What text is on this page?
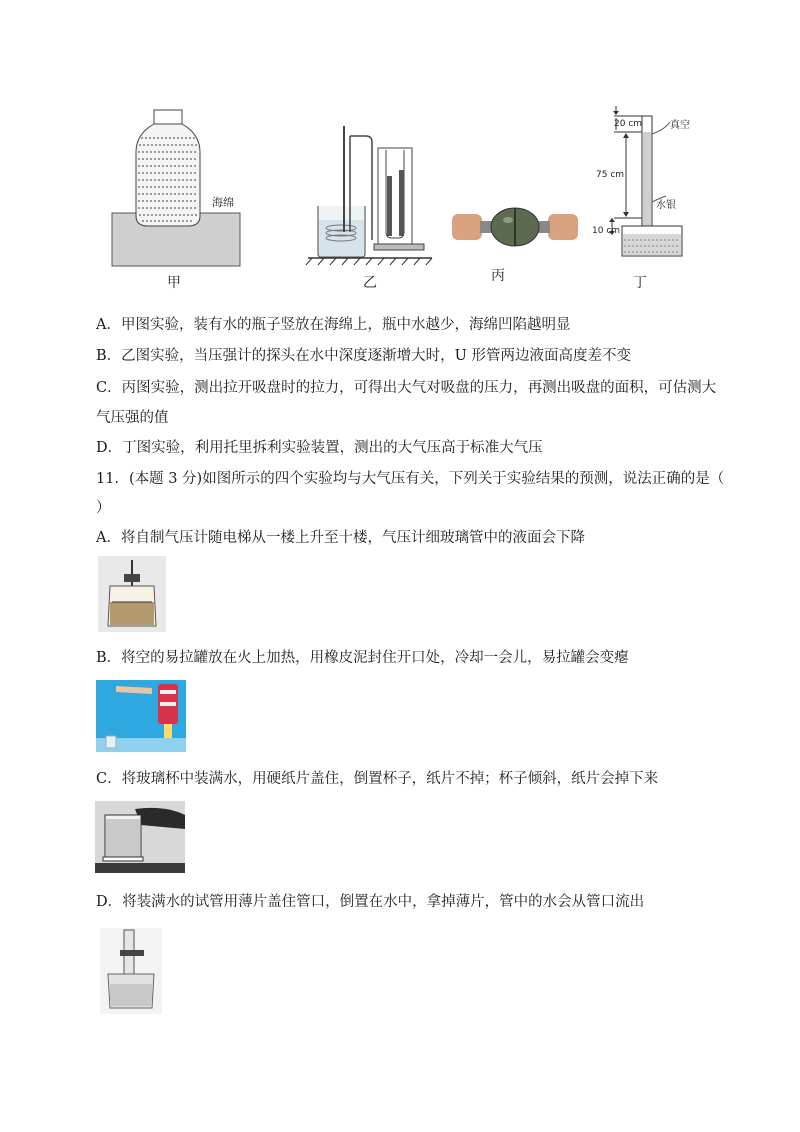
海绵
甲	乙	丙
20 cm	真空
75 cm
水银
10 cm
丁
A．甲图实验，装有水的瓶子竖放在海绵上，瓶中水越少，海绵凹陷越明显
B．乙图实验，当压强计的探头在水中深度逐渐增大时，U 形管两边液面高度差不变
C．丙图实验，测出拉开吸盘时的拉力，可得出大气对吸盘的压力，再测出吸盘的面积，可估测大
气压强的值
D．丁图实验，利用托里拆利实验装置，测出的大气压高于标准大气压
11．(本题 3 分)如图所示的四个实验均与大气压有关，下列关于实验结果的预测，说法正确的是（
）
A．将自制气压计随电梯从一楼上升至十楼，气压计细玻璃管中的液面会下降
B．将空的易拉罐放在火上加热，用橡皮泥封住开口处，冷却一会儿，易拉罐会变瘪
C．将玻璃杯中装满水，用硬纸片盖住，倒置杯子，纸片不掉；杯子倾斜，纸片会掉下来
D．将装满水的试管用薄片盖住管口，倒置在水中，拿掉薄片，管中的水会从管口流出
